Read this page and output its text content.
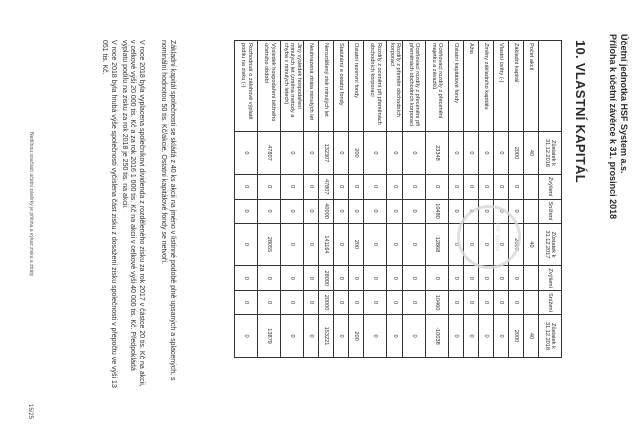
Účetní jednotka HSF System a.s.
Příloha k účetní závěrce k 31. prosinci 2018
10. VLASTNÍ KAPITÁL
	Zůstatek k 31.12.2016	Zvýšení	Snížení	Zůstatek k 31.12.2017	Zvýšení	Snížení	Zůstatek k 31.12.2018
Počet akcií	40			40			40
Základní kapitál	2000	0	0	2000	0	0	2000
Vlastní úvěry (-)	0	0	0	0	0	0	0
Změny základního kapitálu	0	0	0	0	0	0	0
Ážio	0	0	0	0	0	0	0
Ostatní kapitálové fondy	0	0	0	0	0	0	0
Oceňovací rozdíly z přecenění majetku a závazků	23348	0	10480	12868	0	10460	-10038
Oceňovací rozdíly z přecenění při přeměnách obchodních korporací	0	0	0	0	0	0	0
Rozdíly z přeměn obchodních korporací	0	0	0	0	0	0	0
Rozdíly z ocenění při přeměnách obchodních korporací	0	0	0	0	0	0	0
Ostatní rezervní fondy	200	0	0	200	0	0	200
Statutární a ostatní fondy	0	0	0	0	0	0	0
Nerozdělený zisk minulých let	132307	47807	40000	141164	28000	20000	153221
Neuhrazená ztráta minulých let	0	0	0	0	0	0	0
Jiný výsledek hospodaření minulých let (změna metody a chyba v minulých letech)	0	0	0	0	0	0	0
Výsledek hospodaření běžného účetního období	47807	0	0	28055	0	0	13879
Rozhodnutí o zálohové výplatě podílu na zisku (-)	0	0	0	0	0	0	0
HSF System
Základní kapitál společnosti se skládá z 40 ks akcií na jméno v listinné podobě plně upsaných a splacených, s nominální hodnotou 50 tis. Kč/akcie. Ostatní kapitálové fondy se netvoří.
V roce 2018 byla vyplacena společníkovi dividenda z rozděleného zisku za rok 2017 v částce 20 tis. Kč na akcii, v celkové výši 20 000 tis. Kč a za rok 2016 1 000 tis. Kč na akcii v celkové výši 40 000 tis. Kč. Předpokládá výplatu podílu na zisku za rok 2018 je 250 tis. na akcii.
V roce 2018 byla hrubá výše společnosti vyčíslena část zisku z dosažení zisku společnosti v přepočtu ve výši 13 051 tis. Kč.
Nedílnou součástí účetní závěrky je přiloha a výkaz zisku a ztráty
15/25
